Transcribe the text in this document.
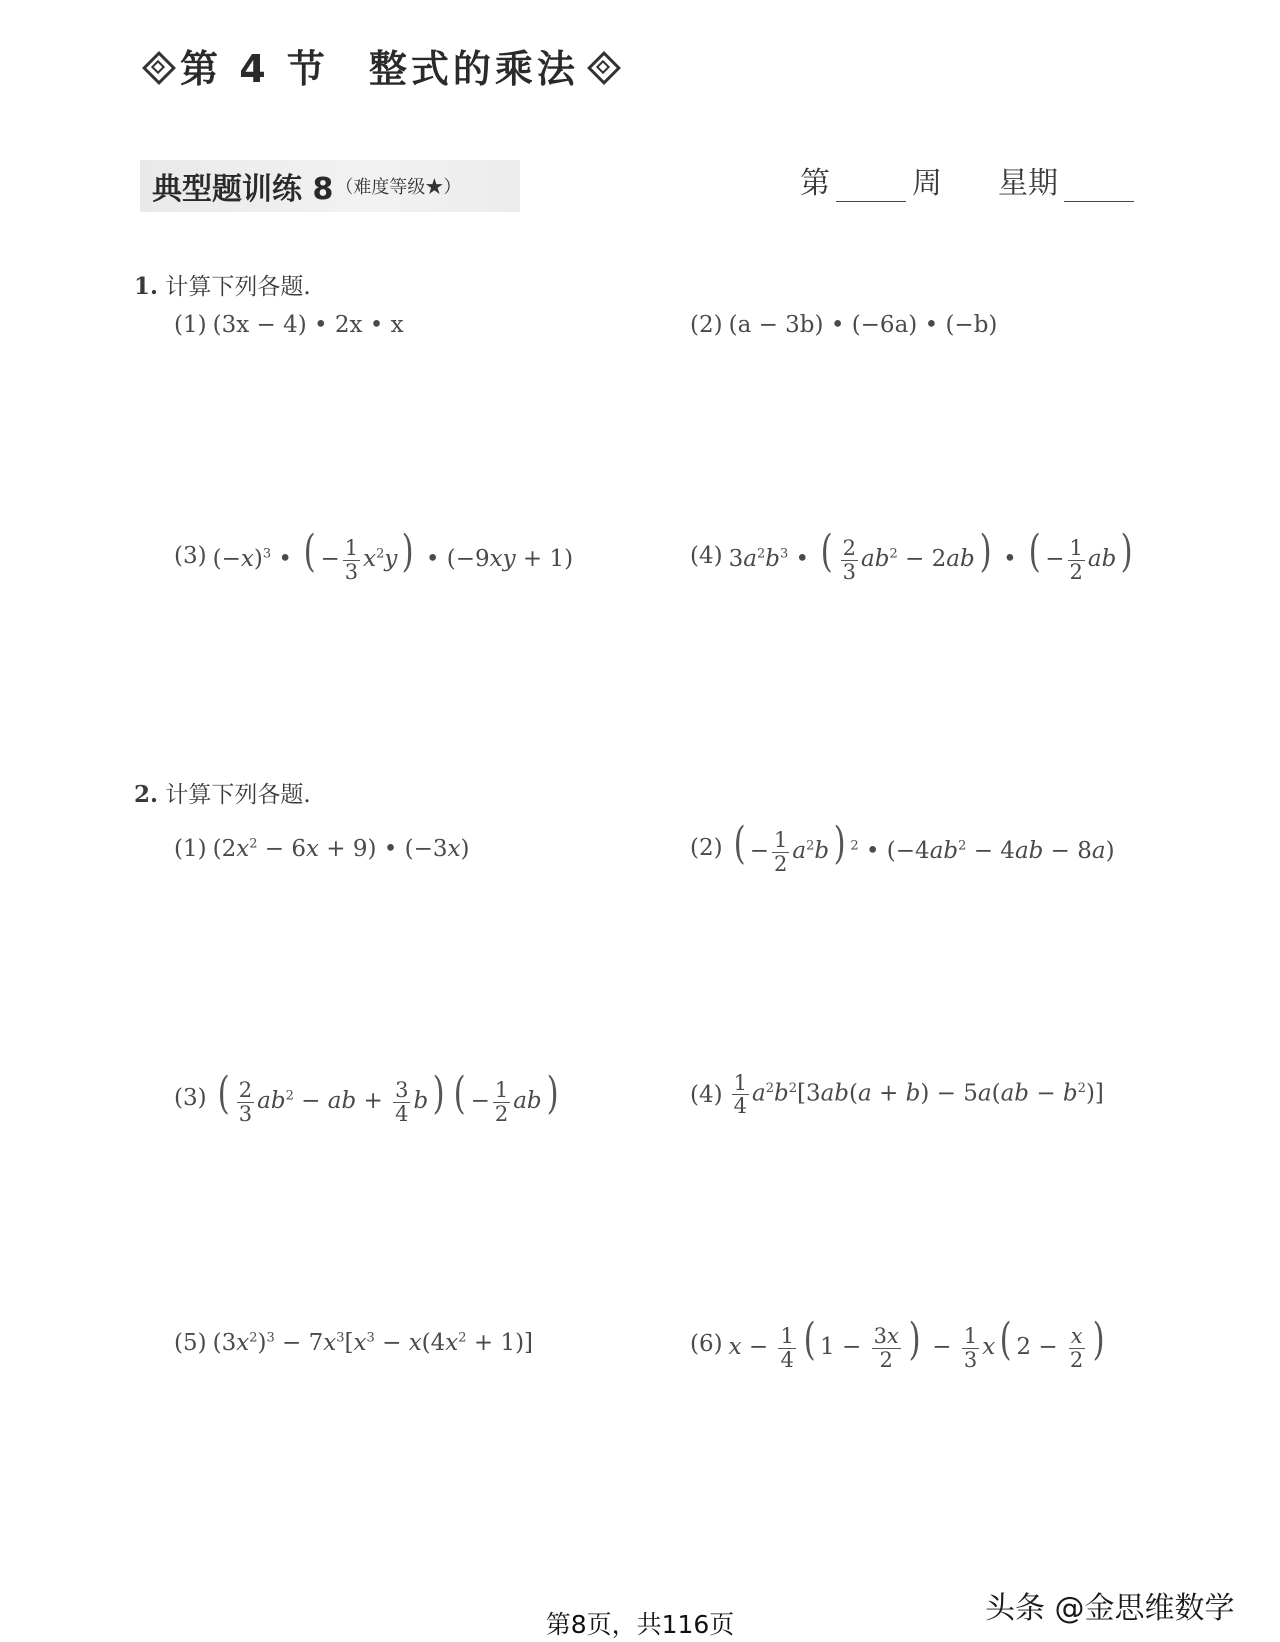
第 4 节 整式的乘法
典型题训练 8 （难度等级★）	第	周 星期
1. 计算下列各题.
(1) (3x − 4) • 2x • x	(2) (a − 3b) • (−6a) • (−b)
(3) $(-x)^3$ • ( − $\frac{1}{3} x^2y$ ) • (−9xy + 1)	(4) $3a^2b^3$ • ( $\frac{2}{3} ab^2 - 2ab$ ) • ( − $\frac{1}{2}$ ab )
2. 计算下列各题.
(1) $(2x^2 - 6x + 9)$ • (−3x)	(2) ( − $\frac{1}{2} a^2b$ ) $^2$ • $(-4ab^2 - 4ab - 8a)$
(3) ( $\frac{2}{3} ab^2$ − ab + $\frac{3}{4}$ b ) ( − $\frac{1}{2}$ ab )	$(4) \frac{1}{4} a^2b^2[3ab(a + b) - 5a(ab - b^2)]$
(5) $(3x^2)^3 - 7x^3[x^3 - x(4x^2 + 1)]$	(6) $x - \frac{1}{4}$ ( $1 - \frac{3x}{2}$ ) − $\frac{1}{3}$ x ( $2 - \frac{x}{2}$ )
头条 @金思维数学
第8页，共116页
